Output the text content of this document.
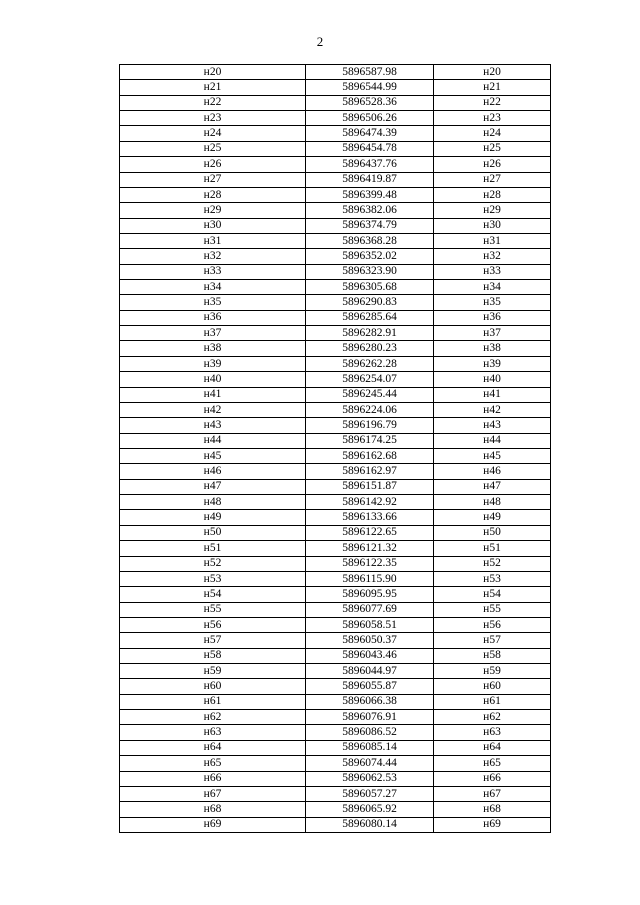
2
н20	5896587.98	н20
н21	5896544.99	н21
н22	5896528.36	н22
н23	5896506.26	н23
н24	5896474.39	н24
н25	5896454.78	н25
н26	5896437.76	н26
н27	5896419.87	н27
н28	5896399.48	н28
н29	5896382.06	н29
н30	5896374.79	н30
н31	5896368.28	н31
н32	5896352.02	н32
н33	5896323.90	н33
н34	5896305.68	н34
н35	5896290.83	н35
н36	5896285.64	н36
н37	5896282.91	н37
н38	5896280.23	н38
н39	5896262.28	н39
н40	5896254.07	н40
н41	5896245.44	н41
н42	5896224.06	н42
н43	5896196.79	н43
н44	5896174.25	н44
н45	5896162.68	н45
н46	5896162.97	н46
н47	5896151.87	н47
н48	5896142.92	н48
н49	5896133.66	н49
н50	5896122.65	н50
н51	5896121.32	н51
н52	5896122.35	н52
н53	5896115.90	н53
н54	5896095.95	н54
н55	5896077.69	н55
н56	5896058.51	н56
н57	5896050.37	н57
н58	5896043.46	н58
н59	5896044.97	н59
н60	5896055.87	н60
н61	5896066.38	н61
н62	5896076.91	н62
н63	5896086.52	н63
н64	5896085.14	н64
н65	5896074.44	н65
н66	5896062.53	н66
н67	5896057.27	н67
н68	5896065.92	н68
н69	5896080.14	н69
